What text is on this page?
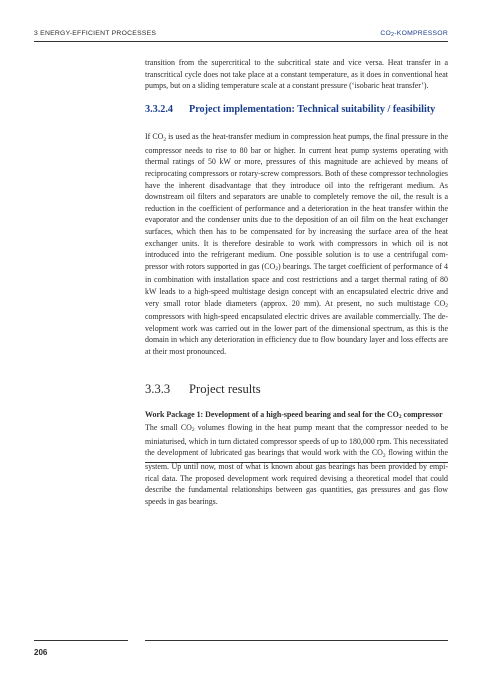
3 ENERGY-EFFICIENT PROCESSES	CO2-KOMPRESSOR

transition from the supercritical to the subcritical state and vice versa. Heat transfer in a transcritical cycle does not take place at a constant temperature, as it does in conventional heat pumps, but on a sliding temperature scale at a constant pressure (‘isobaric heat transfer’).

3.3.2.4	Project implementation: Technical suitability / feasibility

If CO2 is used as the heat-transfer medium in compression heat pumps, the final pressure in the compressor needs to rise to 80 bar or higher. In current heat pump systems operating with thermal ratings of 50 kW or more, pressures of this magnitude are achieved by means of reciprocating compressors or rotary-screw compressors. Both of these compressor technologies have the inherent disadvantage that they introduce oil into the refrigerant medium. As downstream oil filters and separators are unable to completely remove the oil, the result is a reduction in the coefficient of performance and a deterioration in the heat transfer within the evaporator and the condenser units due to the deposition of an oil film on the heat exchanger surfaces, which then has to be compensated for by increasing the surface area of the heat exchanger units. It is therefore desirable to work with compressors in which oil is not introduced into the refrigerant medium. One possible solution is to use a centrifugal compressor with rotors supported in gas (CO2) bearings. The target coefficient of performance of 4 in combination with installation space and cost restrictions and a target thermal rating of 80 kW leads to a high-speed multistage design concept with an encapsulated electric drive and very small rotor blade diameters (approx. 20 mm). At present, no such multistage CO2 compressors with high-speed encapsulated electric drives are available commercially. The development work was carried out in the lower part of the dimensional spectrum, as this is the domain in which any deterioration in efficiency due to flow boundary layer and loss effects are at their most pronounced.

3.3.3	Project results

Work Package 1: Development of a high-speed bearing and seal for the CO2 compressor

The small CO2 volumes flowing in the heat pump meant that the compressor needed to be miniaturised, which in turn dictated compressor speeds of up to 180,000 rpm. This necessitated the development of lubricated gas bearings that would work with the CO2 flowing within the system. Up until now, most of what is known about gas bearings has been provided by empirical data. The proposed development work required devising a theoretical model that could describe the fundamental relationships between gas quantities, gas pressures and gas flow speeds in gas bearings.

206
